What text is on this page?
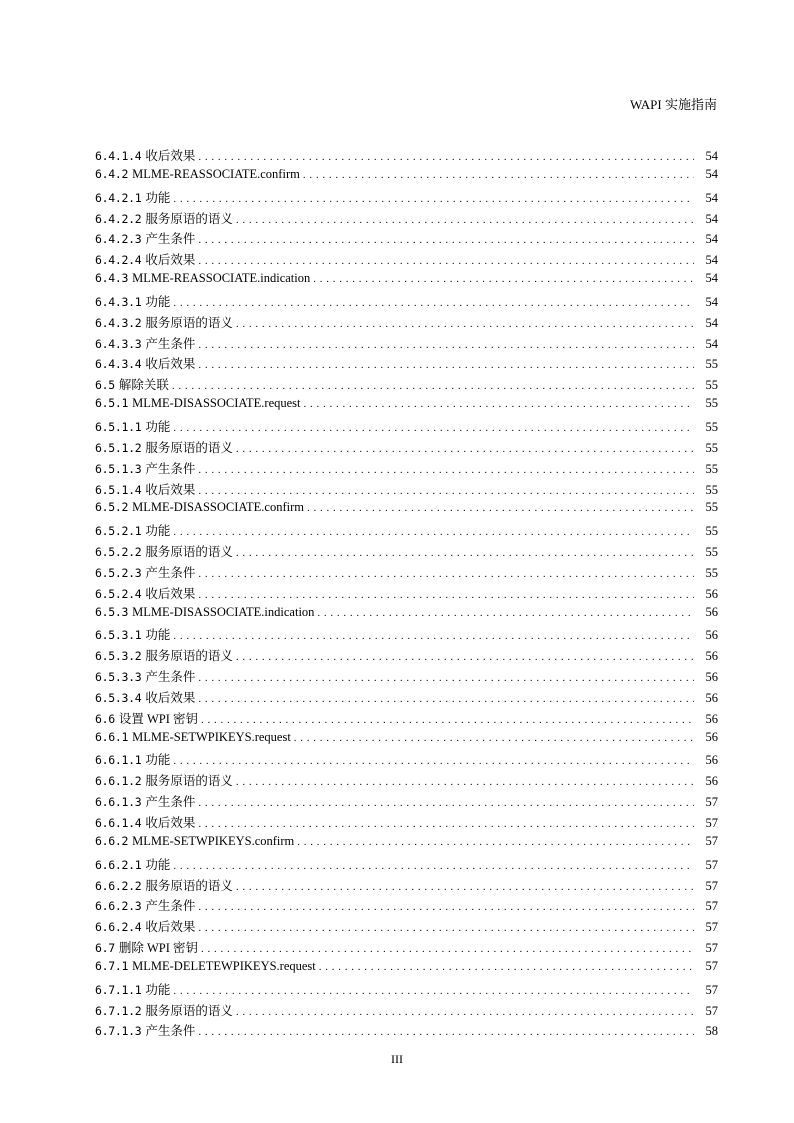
WAPI 实施指南
6.4.1.4 收后效果 . . .	54
6.4.2 MLME-REASSOCIATE.confirm . . .	54
6.4.2.1 功能 . . .	54
6.4.2.2 服务原语的语义 . . .	54
6.4.2.3 产生条件 . . .	54
6.4.2.4 收后效果 . . .	54
6.4.3 MLME-REASSOCIATE.indication . . .	54
6.4.3.1 功能 . . .	54
6.4.3.2 服务原语的语义 . . .	54
6.4.3.3 产生条件 . . .	54
6.4.3.4 收后效果 . . .	55
6.5 解除关联 . . .	55
6.5.1 MLME-DISASSOCIATE.request . . .	55
6.5.1.1 功能 . . .	55
6.5.1.2 服务原语的语义 . . .	55
6.5.1.3 产生条件 . . .	55
6.5.1.4 收后效果 . . .	55
6.5.2 MLME-DISASSOCIATE.confirm . . .	55
6.5.2.1 功能 . . .	55
6.5.2.2 服务原语的语义 . . .	55
6.5.2.3 产生条件 . . .	55
6.5.2.4 收后效果 . . .	56
6.5.3 MLME-DISASSOCIATE.indication . . .	56
6.5.3.1 功能 . . .	56
6.5.3.2 服务原语的语义 . . .	56
6.5.3.3 产生条件 . . .	56
6.5.3.4 收后效果 . . .	56
6.6 设置 WPI 密钥 . . .	56
6.6.1 MLME-SETWPIKEYS.request . . .	56
6.6.1.1 功能 . . .	56
6.6.1.2 服务原语的语义 . . .	56
6.6.1.3 产生条件 . . .	57
6.6.1.4 收后效果 . . .	57
6.6.2 MLME-SETWPIKEYS.confirm . . .	57
6.6.2.1 功能 . . .	57
6.6.2.2 服务原语的语义 . . .	57
6.6.2.3 产生条件 . . .	57
6.6.2.4 收后效果 . . .	57
6.7 删除 WPI 密钥 . . .	57
6.7.1 MLME-DELETEWPIKEYS.request . . .	57
6.7.1.1 功能 . . .	57
6.7.1.2 服务原语的语义 . . .	57
6.7.1.3 产生条件 . . .	58
III
